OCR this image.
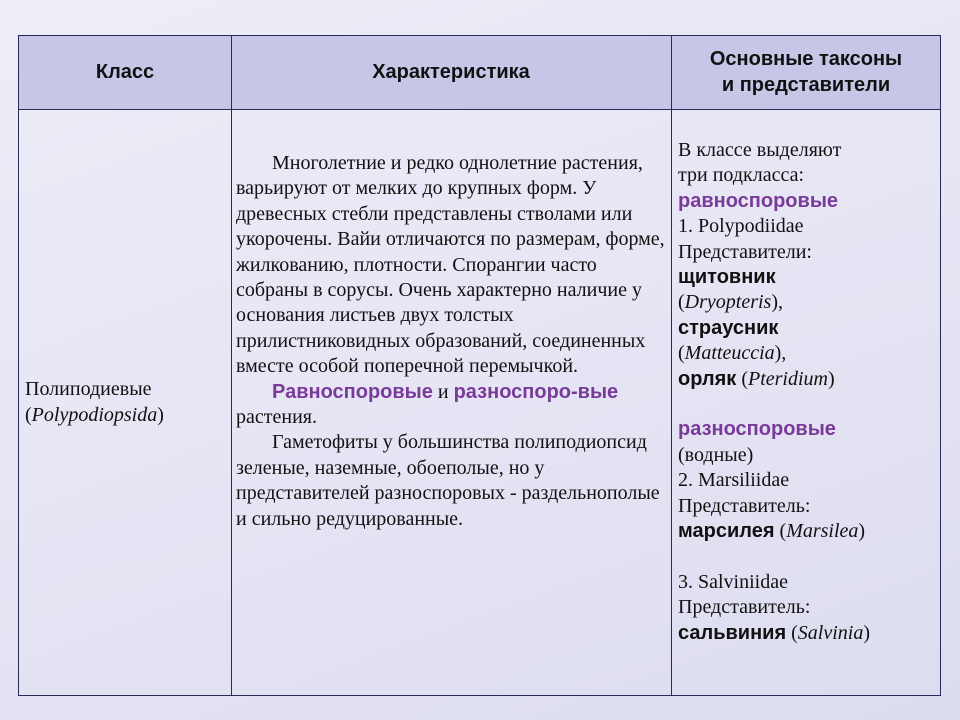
Класс	Характеристика
Основные таксоны
и представители
Полиподиевые
(Polypodiopsida)

Многолетние и редко однолетние растения, варьируют от мелких до крупных форм. У древесных стебли представлены стволами или укорочены. Вайи отличаются по размерам, форме, жилкованию, плотности. Спорангии часто собраны в сорусы. Очень характерно наличие у основания листьев двух толстых прилистниковидных образований, соединенных вместе особой поперечной перемычкой.

Равноспоровые и разноспоро-вые растения.

Гаметофиты у большинства полиподиопсид зеленые, наземные, обоеполые, но у представителей разноспоровых - раздельнополые и сильно редуцированные.

В классе выделяют
три подкласса:
равноспоровые
1. Polypodiidae
Представители:
щитовник
(Dryopteris),
страусник
(Matteuccia),
орляк (Pteridium)
разноспоровые
(водные)
2. Marsiliidae
Представитель:
марсилея (Marsilea)
3. Salviniidae
Представитель:
сальвиния (Salvinia)
